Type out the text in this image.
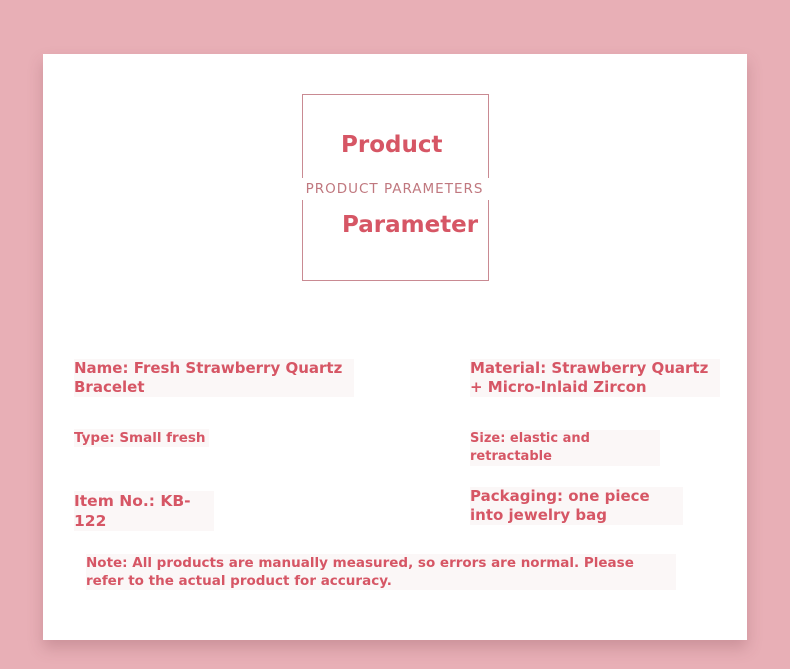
Product
PRODUCT PARAMETERS
Parameter
Name: Fresh Strawberry Quartz Bracelet
Material: Strawberry Quartz + Micro-Inlaid Zircon
Type: Small fresh	Size: elastic and retractable
Item No.: KB-122
Packaging: one piece into jewelry bag
Note: All products are manually measured, so errors are normal. Please refer to the actual product for accuracy.
